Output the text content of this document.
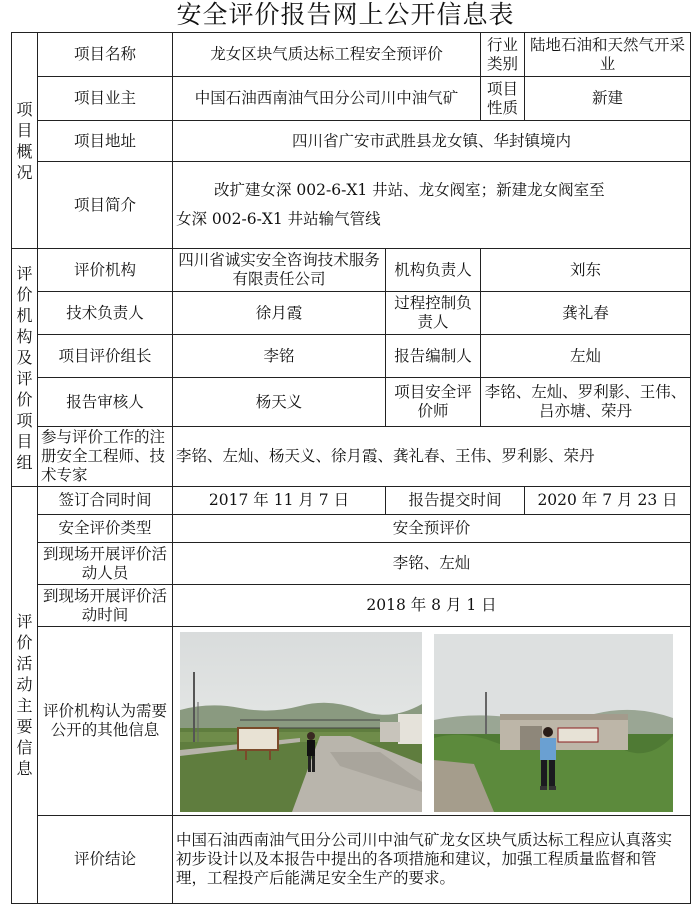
安全评价报告网上公开信息表
项目概况	项目名称	龙女区块气质达标工程安全预评价		行业类别	陆地石油和天然气开采业
	项目业主	中国石油西南油气田分公司川中油气矿		项目性质	新建
	项目地址	四川省广安市武胜县龙女镇、华封镇境内			
	项目简介	改扩建女深 002-6-X1 井站、龙女阀室；新建龙女阀室至
女深 002-6-X1 井站输气管线			

评价机构及评价项目组	评价机构	四川省诚实安全咨询技术服务有限责任公司	机构负责人	刘东	
	技术负责人	徐月霞	过程控制负责人	龚礼春	
	项目评价组长	李铭	报告编制人	左灿	
	报告审核人	杨天义	项目安全评价师	李铭、左灿、罗利影、王伟、吕亦塘、荣丹	
	参与评价工作的注册安全工程师、技术专家	李铭、左灿、杨天义、徐月霞、龚礼春、王伟、罗利影、荣丹			

评价活动主要信息	签订合同时间	2017 年 11 月 7 日	报告提交时间		2020 年 7 月 23 日
	安全评价类型	安全预评价			
	到现场开展评价活动人员	李铭、左灿			
	到现场开展评价活动时间	2018 年 8 月 1 日			
	评价机构认为需要公开的其他信息				
	评价结论	中国石油西南油气田分公司川中油气矿龙女区块气质达标工程应认真落实初步设计以及本报告中提出的各项措施和建议，加强工程质量监督和管理，工程投产后能满足安全生产的要求。			
